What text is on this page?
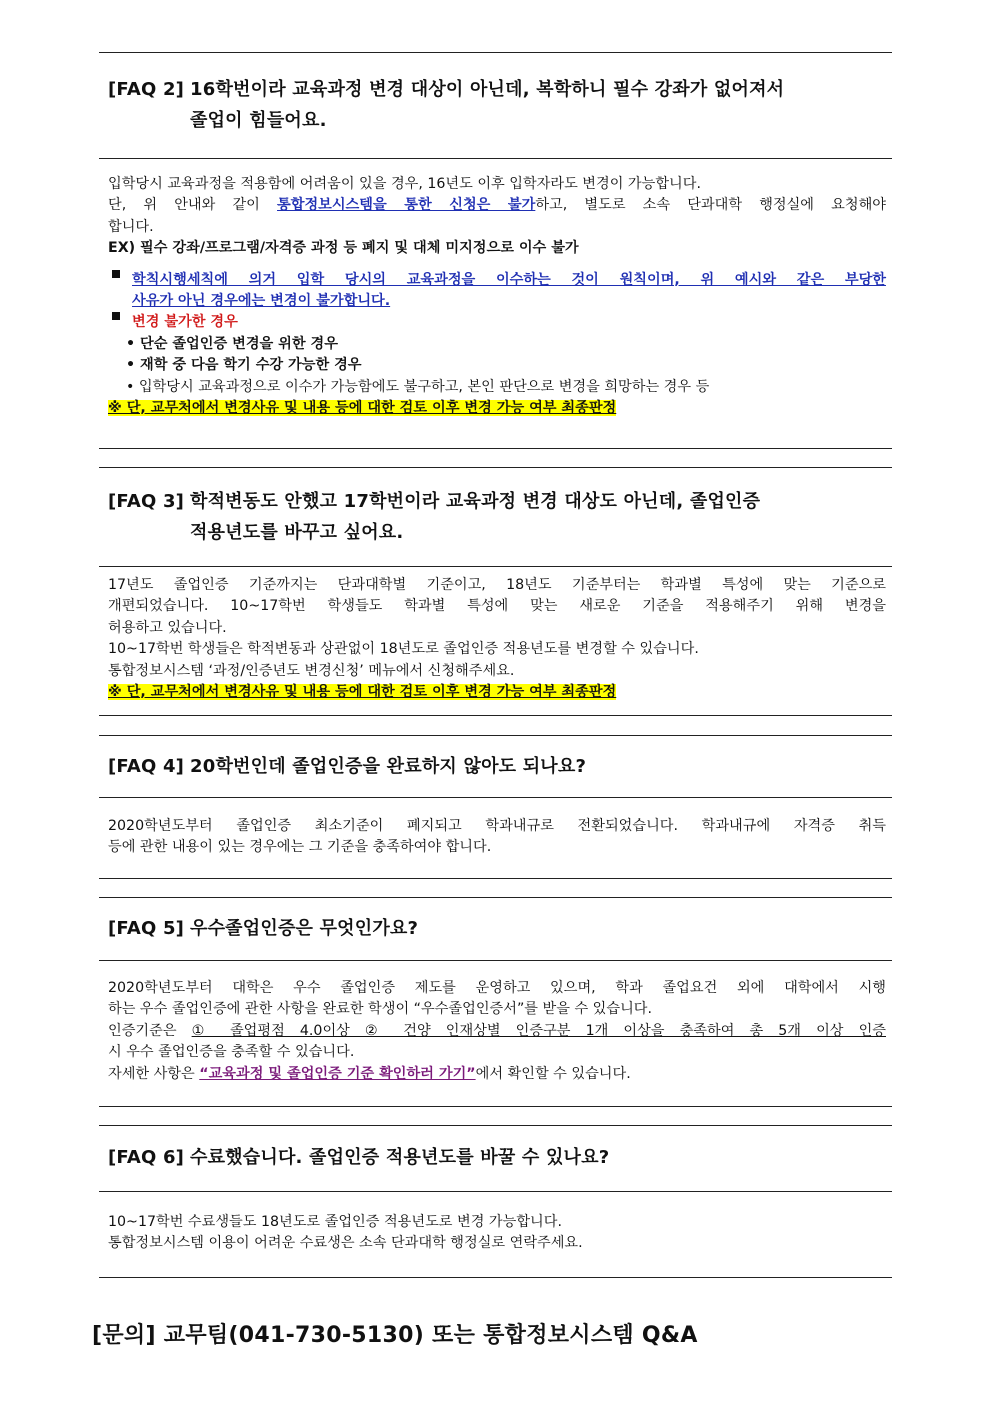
[FAQ 2] 16학번이라 교육과정 변경 대상이 아닌데, 복학하니 필수 강좌가 없어져서
졸업이 힘들어요.

입학당시 교육과정을 적용함에 어려움이 있을 경우, 16년도 이후 입학자라도 변경이 가능합니다.

단, 위 안내와 같이 통합정보시스템을 통한 신청은 불가하고, 별도로 소속 단과대학 행정실에 요청해야

합니다.

EX) 필수 강좌/프로그램/자격증 과정 등 폐지 및 대체 미지정으로 이수 불가

학칙시행세칙에 의거 입학 당시의 교육과정을 이수하는 것이 원칙이며, 위 예시와 같은 부당한

사유가 아닌 경우에는 변경이 불가합니다.

변경 불가한 경우

• 단순 졸업인증 변경을 위한 경우

• 재학 중 다음 학기 수강 가능한 경우

• 입학당시 교육과정으로 이수가 가능함에도 불구하고, 본인 판단으로 변경을 희망하는 경우 등

※ 단, 교무처에서 변경사유 및 내용 등에 대한 검토 이후 변경 가능 여부 최종판정

[FAQ 3] 학적변동도 안했고 17학번이라 교육과정 변경 대상도 아닌데, 졸업인증
적용년도를 바꾸고 싶어요.

17년도 졸업인증 기준까지는 단과대학별 기준이고, 18년도 기준부터는 학과별 특성에 맞는 기준으로

개편되었습니다. 10~17학번 학생들도 학과별 특성에 맞는 새로운 기준을 적용해주기 위해 변경을

허용하고 있습니다.

10~17학번 학생들은 학적변동과 상관없이 18년도로 졸업인증 적용년도를 변경할 수 있습니다.

통합정보시스템 ‘과정/인증년도 변경신청’ 메뉴에서 신청해주세요.

※ 단, 교무처에서 변경사유 및 내용 등에 대한 검토 이후 변경 가능 여부 최종판정

[FAQ 4] 20학번인데 졸업인증을 완료하지 않아도 되나요?

2020학년도부터 졸업인증 최소기준이 폐지되고 학과내규로 전환되었습니다. 학과내규에 자격증 취득

등에 관한 내용이 있는 경우에는 그 기준을 충족하여야 합니다.

[FAQ 5] 우수졸업인증은 무엇인가요?

2020학년도부터 대학은 우수 졸업인증 제도를 운영하고 있으며, 학과 졸업요건 외에 대학에서 시행

하는 우수 졸업인증에 관한 사항을 완료한 학생이 “우수졸업인증서”를 받을 수 있습니다.

인증기준은 ① 졸업평점 4.0이상 ② 건양 인재상별 인증구분 1개 이상을 충족하여 총 5개 이상 인증

시 우수 졸업인증을 충족할 수 있습니다.

자세한 사항은 “교육과정 및 졸업인증 기준 확인하러 가기”에서 확인할 수 있습니다.

[FAQ 6] 수료했습니다. 졸업인증 적용년도를 바꿀 수 있나요?

10~17학번 수료생들도 18년도로 졸업인증 적용년도로 변경 가능합니다.

통합정보시스템 이용이 어려운 수료생은 소속 단과대학 행정실로 연락주세요.

[문의] 교무팀(041-730-5130) 또는 통합정보시스템 Q&A
